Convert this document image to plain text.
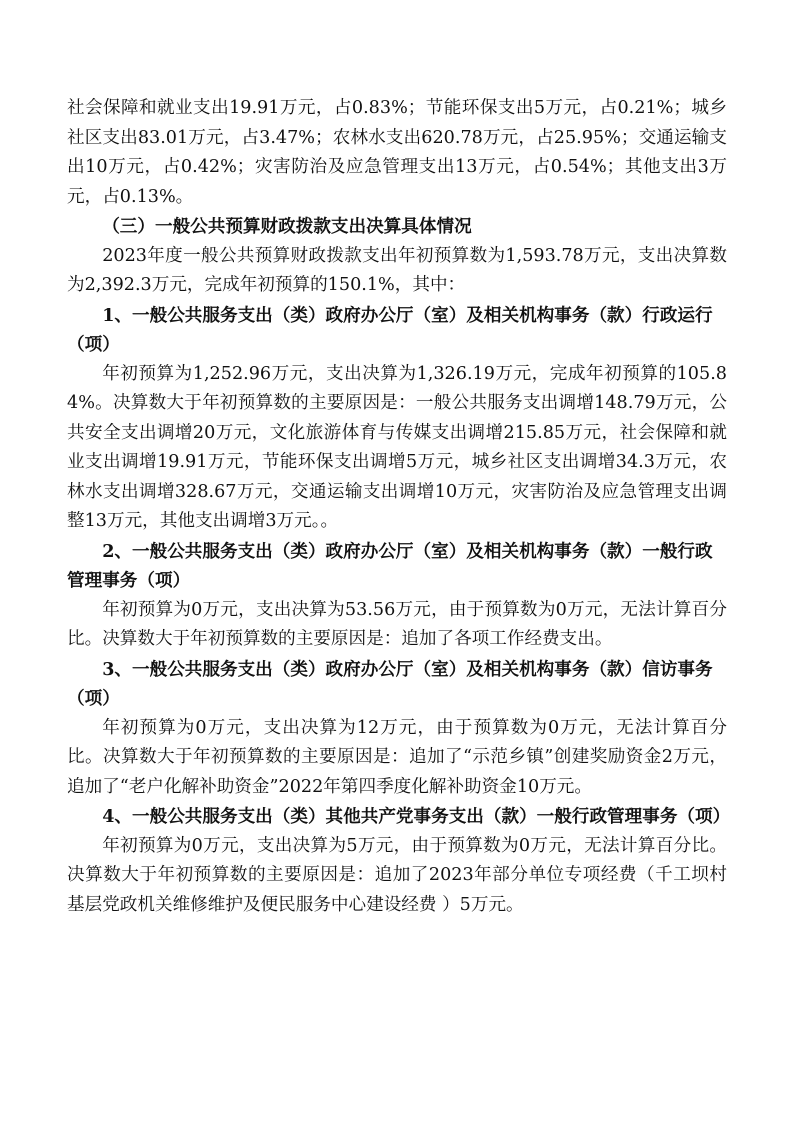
社会保障和就业支出19.91万元，占0.83%；节能环保支出5万元，占0.21%；城乡社区支出83.01万元，占3.47%；农林水支出620.78万元，占25.95%；交通运输支出10万元，占0.42%；灾害防治及应急管理支出13万元，占0.54%；其他支出3万元，占0.13%。

（三）一般公共预算财政拨款支出决算具体情况

2023年度一般公共预算财政拨款支出年初预算数为1,593.78万元，支出决算数为2,392.3万元，完成年初预算的150.1%，其中：

1、一般公共服务支出（类）政府办公厅（室）及相关机构事务（款）行政运行（项）

年初预算为1,252.96万元，支出决算为1,326.19万元，完成年初预算的105.84%。决算数大于年初预算数的主要原因是：一般公共服务支出调增148.79万元，公共安全支出调增20万元，文化旅游体育与传媒支出调增215.85万元，社会保障和就业支出调增19.91万元，节能环保支出调增5万元，城乡社区支出调增34.3万元，农林水支出调增328.67万元，交通运输支出调增10万元，灾害防治及应急管理支出调整13万元，其他支出调增3万元。。

2、一般公共服务支出（类）政府办公厅（室）及相关机构事务（款）一般行政管理事务（项）

年初预算为0万元，支出决算为53.56万元，由于预算数为0万元，无法计算百分比。决算数大于年初预算数的主要原因是：追加了各项工作经费支出。

3、一般公共服务支出（类）政府办公厅（室）及相关机构事务（款）信访事务（项）

年初预算为0万元，支出决算为12万元，由于预算数为0万元，无法计算百分比。决算数大于年初预算数的主要原因是：追加了“示范乡镇”创建奖励资金2万元，追加了“老户化解补助资金”2022年第四季度化解补助资金10万元。

4、一般公共服务支出（类）其他共产党事务支出（款）一般行政管理事务（项）

年初预算为0万元，支出决算为5万元，由于预算数为0万元，无法计算百分比。决算数大于年初预算数的主要原因是：追加了2023年部分单位专项经费（千工坝村基层党政机关维修维护及便民服务中心建设经费 ）5万元。
